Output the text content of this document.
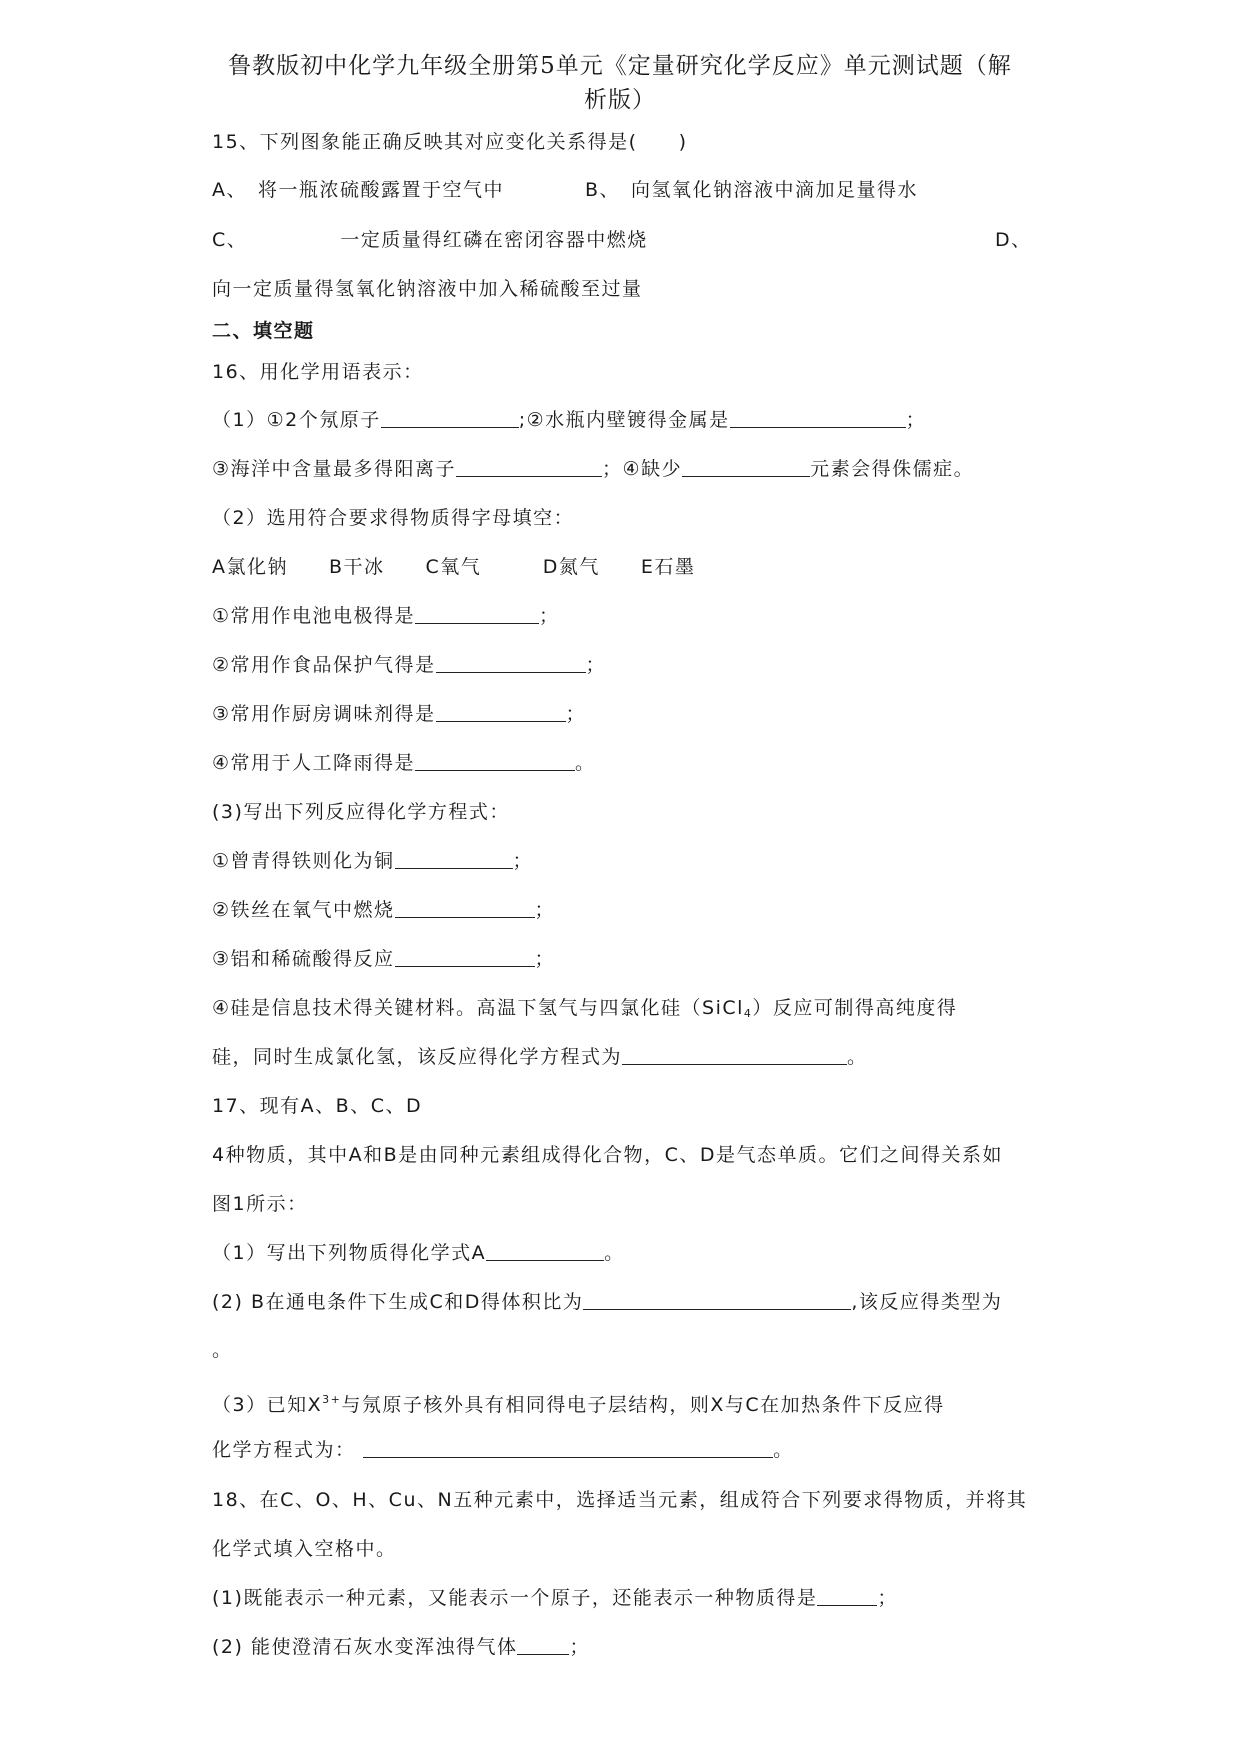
鲁教版初中化学九年级全册第5单元《定量研究化学反应》单元测试题（解
析版）
15、下列图象能正确反映其对应变化关系得是(　　)
A、　将一瓶浓硫酸露置于空气中	B、　向氢氧化钠溶液中滴加足量得水
C、　　　　　一定质量得红磷在密闭容器中燃烧	D、
向一定质量得氢氧化钠溶液中加入稀硫酸至过量
二、填空题
16、用化学用语表示：
（1）①2个氖原子	;②水瓶内壁镀得金属是	；
③海洋中含量最多得阳离子	；④缺少	元素会得侏儒症。
（2）选用符合要求得物质得字母填空：
A氯化钠　　B干冰　　C氧气　　　D氮气　　E石墨
①常用作电池电极得是	；
②常用作食品保护气得是	；
③常用作厨房调味剂得是	；
④常用于人工降雨得是	。
(3)写出下列反应得化学方程式：
①曾青得铁则化为铜	；
②铁丝在氧气中燃烧	；
③铝和稀硫酸得反应	；
④硅是信息技术得关键材料。高温下氢气与四氯化硅（SiCl$_4$）反应可制得高纯度得
硅，同时生成氯化氢，该反应得化学方程式为	。
17、现有A、B、C、D
4种物质，其中A和B是由同种元素组成得化合物，C、D是气态单质。它们之间得关系如
图1所示：
（1）写出下列物质得化学式A	。
(2) B在通电条件下生成C和D得体积比为	,该反应得类型为
。
（3）已知$X^{3+}$与氖原子核外具有相同得电子层结构，则X与C在加热条件下反应得
化学方程式为：	。
18、在C、O、H、Cu、N五种元素中，选择适当元素，组成符合下列要求得物质，并将其
化学式填入空格中。
(1)既能表示一种元素，又能表示一个原子，还能表示一种物质得是	；
(2) 能使澄清石灰水变浑浊得气体	；
